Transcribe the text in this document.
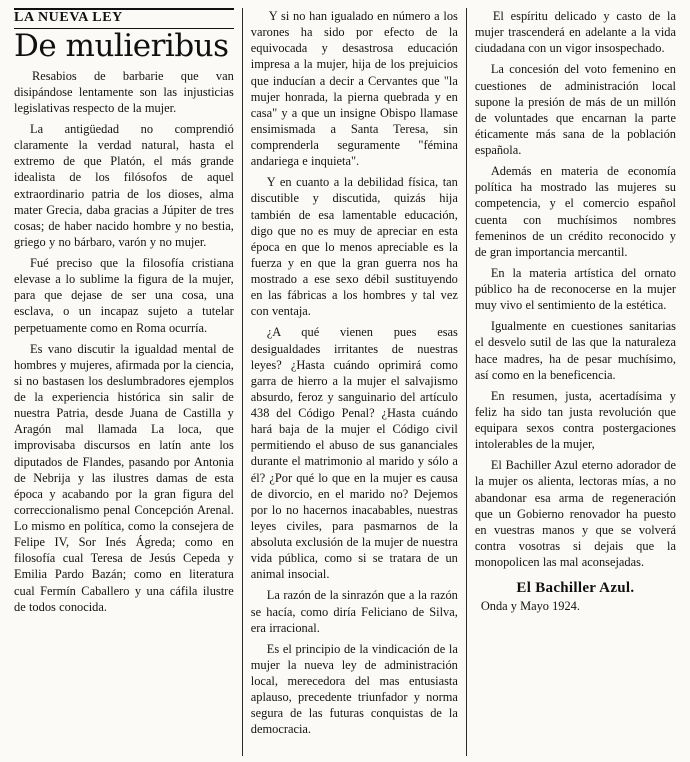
LA NUEVA LEY
De mulieribus

Resabios de barbarie que van disipándose lentamente son las injusticias legislativas respecto de la mujer.

La antigüedad no comprendió claramente la verdad natural, hasta el extremo de que Platón, el más grande idealista de los filósofos de aquel extraordinario patria de los dioses, alma mater Grecia, daba gracias a Júpiter de tres cosas; de haber nacido hombre y no bestia, griego y no bárbaro, varón y no mujer.

Fué preciso que la filosofía cristiana elevase a lo sublime la figura de la mujer, para que dejase de ser una cosa, una esclava, o un incapaz sujeto a tutelar perpetuamente como en Roma ocurría.

Es vano discutir la igualdad mental de hombres y mujeres, afirmada por la ciencia, si no bastasen los deslumbradores ejemplos de la experiencia histórica sin salir de nuestra Patria, desde Juana de Castilla y Aragón mal llamada La loca, que improvisaba discursos en latín ante los diputados de Flandes, pasando por Antonia de Nebrija y las ilustres damas de esta época y acabando por la gran figura del correccionalismo penal Concepción Arenal. Lo mismo en política, como la consejera de Felipe IV, Sor Inés Ágreda; como en filosofía cual Teresa de Jesús Cepeda y Emilia Pardo Bazán; como en literatura cual Fermín Caballero y una cáfila ilustre de todos conocida.

Y si no han igualado en número a los varones ha sido por efecto de la equivocada y desastrosa educación impresa a la mujer, hija de los prejuicios que inducían a decir a Cervantes que "la mujer honrada, la pierna quebrada y en casa" y a que un insigne Obispo llamase ensimismada a Santa Teresa, sin comprenderla seguramente "fémina andariega e inquieta".

Y en cuanto a la debilidad física, tan discutible y discutida, quizás hija también de esa lamentable educación, digo que no es muy de apreciar en esta época en que lo menos apreciable es la fuerza y en que la gran guerra nos ha mostrado a ese sexo débil sustituyendo en las fábricas a los hombres y tal vez con ventaja.

¿A qué vienen pues esas desigualdades irritantes de nuestras leyes? ¿Hasta cuándo oprimirá como garra de hierro a la mujer el salvajismo absurdo, feroz y sanguinario del artículo 438 del Código Penal? ¿Hasta cuándo hará baja de la mujer el Código civil permitiendo el abuso de sus gananciales durante el matrimonio al marido y sólo a él? ¿Por qué lo que en la mujer es causa de divorcio, en el marido no? Dejemos por lo no hacernos inacabables, nuestras leyes civiles, para pasmarnos de la absoluta exclusión de la mujer de nuestra vida pública, como si se tratara de un animal insocial.

La razón de la sinrazón que a la razón se hacía, como diría Feliciano de Silva, era irracional.

Es el principio de la vindicación de la mujer la nueva ley de administración local, merecedora del mas entusiasta aplauso, precedente triunfador y norma segura de las futuras conquistas de la democracia.

El espíritu delicado y casto de la mujer trascenderá en adelante a la vida ciudadana con un vigor insospechado.

La concesión del voto femenino en cuestiones de administración local supone la presión de más de un millón de voluntades que encarnan la parte éticamente más sana de la población española.

Además en materia de economía política ha mostrado las mujeres su competencia, y el comercio español cuenta con muchísimos nombres femeninos de un crédito reconocido y de gran importancia mercantil.

En la materia artística del ornato público ha de reconocerse en la mujer muy vivo el sentimiento de la estética.

Igualmente en cuestiones sanitarias el desvelo sutil de las que la naturaleza hace madres, ha de pesar muchísimo, así como en la beneficencia.

En resumen, justa, acertadísima y feliz ha sido tan justa revolución que equipara sexos contra postergaciones intolerables de la mujer,

El Bachiller Azul eterno adorador de la mujer os alienta, lectoras mías, a no abandonar esa arma de regeneración que un Gobierno renovador ha puesto en vuestras manos y que se volverá contra vosotras si dejais que la monopolicen las mal aconsejadas.

El Bachiller Azul.
Onda y Mayo 1924.
